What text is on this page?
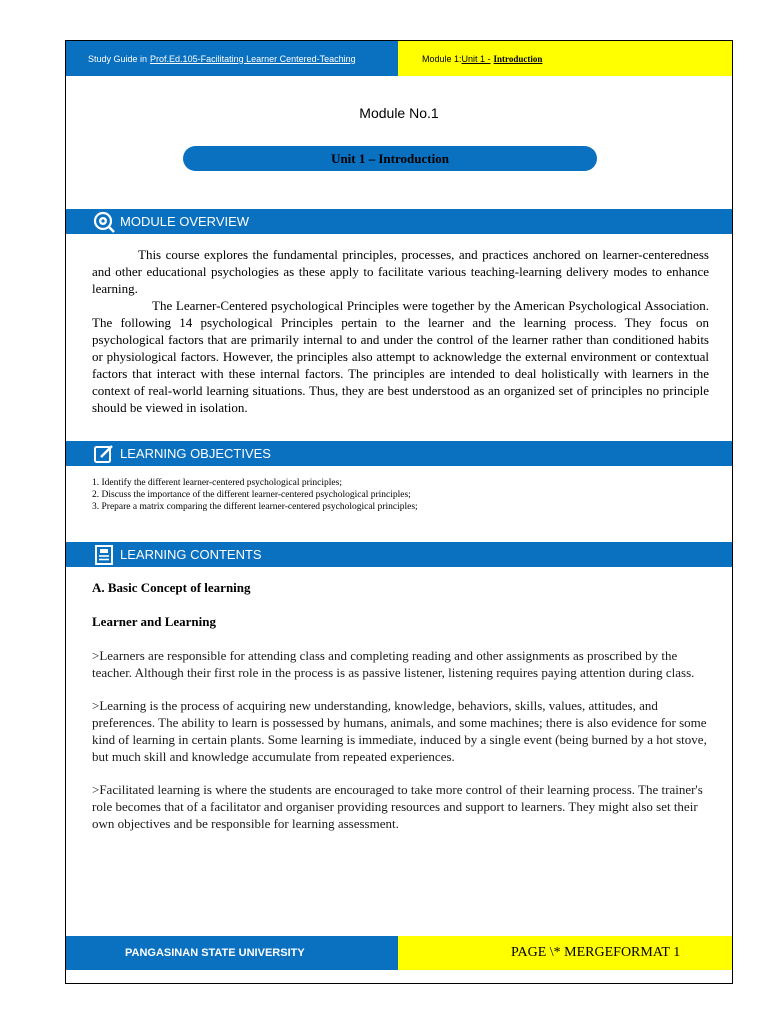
Study Guide in Prof.Ed.105-Facilitating Learner Centered-Teaching	Module 1: Unit 1 - Introduction
Module No.1
Unit 1 – Introduction
MODULE OVERVIEW

This course explores the fundamental principles, processes, and practices anchored on learner-centeredness and other educational psychologies as these apply to facilitate various teaching-learning delivery modes to enhance learning.

The Learner-Centered psychological Principles were together by the American Psychological Association. The following 14 psychological Principles pertain to the learner and the learning process. They focus on psychological factors that are primarily internal to and under the control of the learner rather than conditioned habits or physiological factors. However, the principles also attempt to acknowledge the external environment or contextual factors that interact with these internal factors. The principles are intended to deal holistically with learners in the context of real-world learning situations. Thus, they are best understood as an organized set of principles no principle should be viewed in isolation.

LEARNING OBJECTIVES
1. Identify the different learner-centered psychological principles;
2. Discuss the importance of the different learner-centered psychological principles;
3. Prepare a matrix comparing the different learner-centered psychological principles;
LEARNING CONTENTS
A. Basic Concept of learning
Learner and Learning

>Learners are responsible for attending class and completing reading and other assignments as proscribed by the teacher. Although their first role in the process is as passive listener, listening requires paying attention during class.

>Learning is the process of acquiring new understanding, knowledge, behaviors, skills, values, attitudes, and preferences. The ability to learn is possessed by humans, animals, and some machines; there is also evidence for some kind of learning in certain plants. Some learning is immediate, induced by a single event (being burned by a hot stove, but much skill and knowledge accumulate from repeated experiences.

>Facilitated learning is where the students are encouraged to take more control of their learning process. The trainer's role becomes that of a facilitator and organiser providing resources and support to learners. They might also set their own objectives and be responsible for learning assessment.

PANGASINAN STATE UNIVERSITY	PAGE \* MERGEFORMAT 1
